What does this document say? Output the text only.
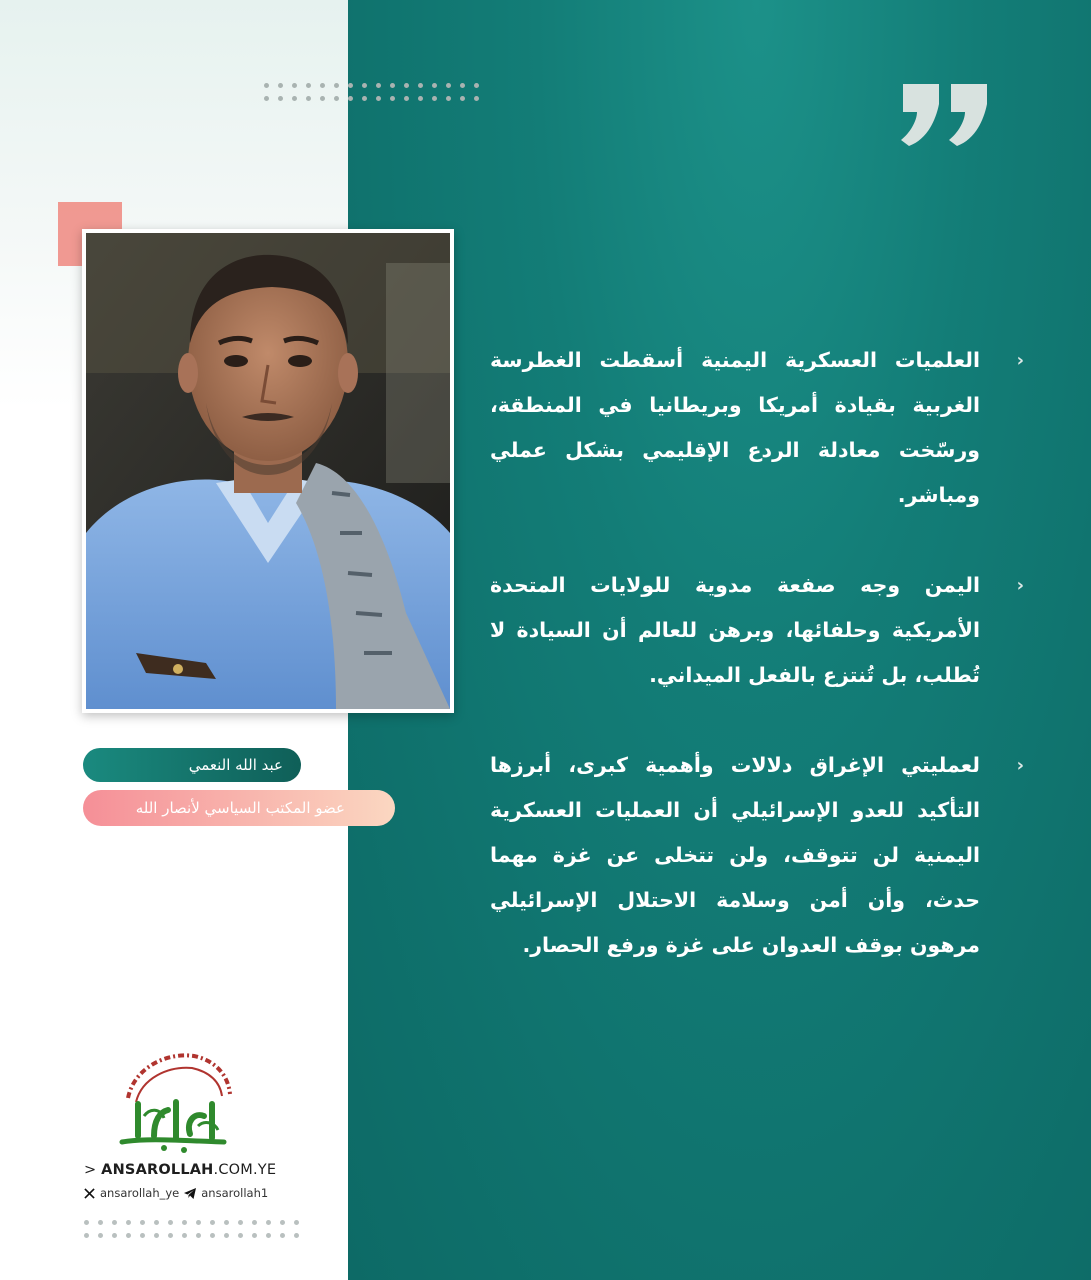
عبد الله النعمي
عضو المكتب السياسي لأنصار الله
‹
العلميات العسكرية اليمنية أسقطت الغطرسة الغربية بقيادة أمريكا وبريطانيا في المنطقة، ورسّخت معادلة الردع الإقليمي بشكل عملي ومباشر.
‹
اليمن وجه صفعة مدوية للولايات المتحدة الأمريكية وحلفائها، وبرهن للعالم أن السيادة لا تُطلب، بل تُنتزع بالفعل الميداني.
‹
لعمليتي الإغراق دلالات وأهمية كبرى، أبرزها التأكيد للعدو الإسرائيلي أن العمليات العسكرية اليمنية لن تتوقف، ولن تتخلى عن غزة مهما حدث، وأن أمن وسلامة الاحتلال الإسرائيلي مرهون بوقف العدوان على غزة ورفع الحصار.
> ANSAROLLAH.COM.YE
ansarollah_ye ansarollah1
